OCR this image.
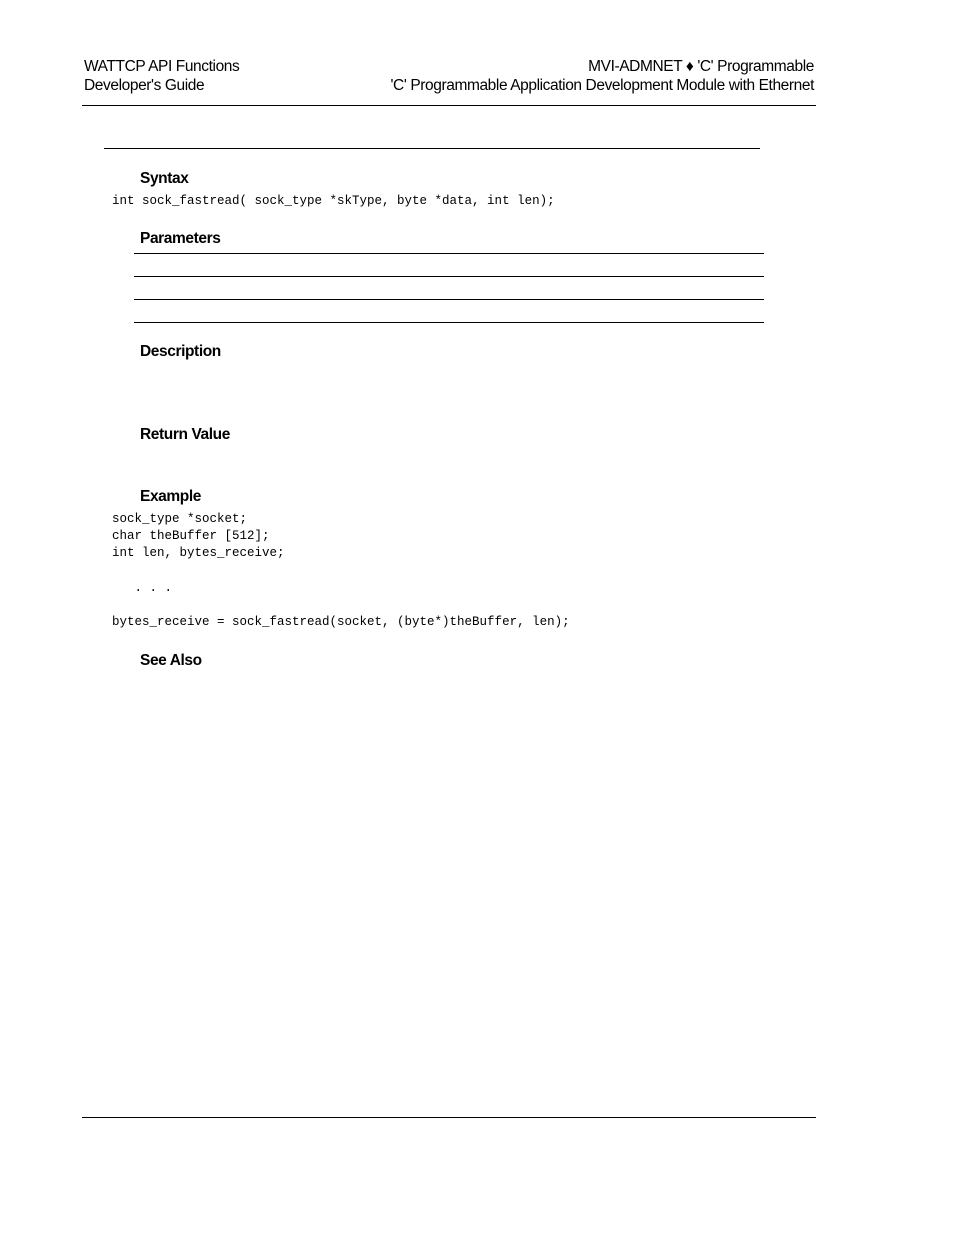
WATTCP API Functions
Developer's Guide
MVI-ADMNET ♦ 'C' Programmable
'C' Programmable Application Development Module with Ethernet
Syntax
int sock_fastread( sock_type *skType, byte *data, int len);
Parameters
Description
Return Value
Example
sock_type *socket;
char theBuffer [512];
int len, bytes_receive;

. . .

bytes_receive = sock_fastread(socket, (byte*)theBuffer, len);
See Also
